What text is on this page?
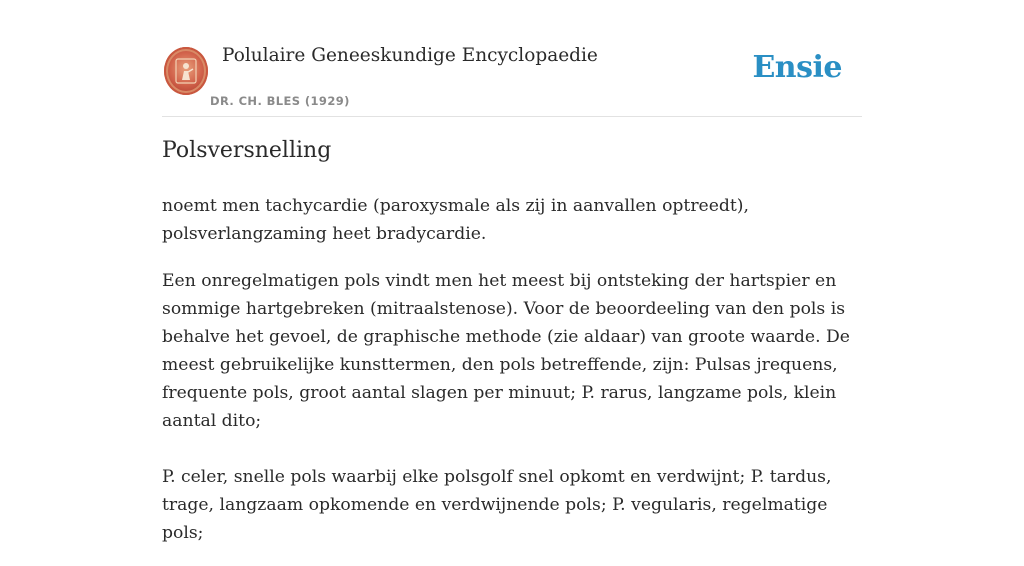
Polulaire Geneeskundige Encyclopaedie
DR. CH. BLES (1929)
Ensie
Polsversnelling

noemt men tachycardie (paroxysmale als zij in aanvallen optreedt),
polsverlangzaming heet bradycardie.

Een onregelmatigen pols vindt men het meest bij ontsteking der hartspier en
sommige hartgebreken (mitraalstenose). Voor de beoordeeling van den pols is
behalve het gevoel, de graphische methode (zie aldaar) van groote waarde. De
meest gebruikelijke kunsttermen, den pols betreffende, zijn: Pulsas jrequens,
frequente pols, groot aantal slagen per minuut; P. rarus, langzame pols, klein
aantal dito;

P. celer, snelle pols waarbij elke polsgolf snel opkomt en verdwijnt; P. tardus,
trage, langzaam opkomende en verdwijnende pols; P. vegularis, regelmatige pols;
